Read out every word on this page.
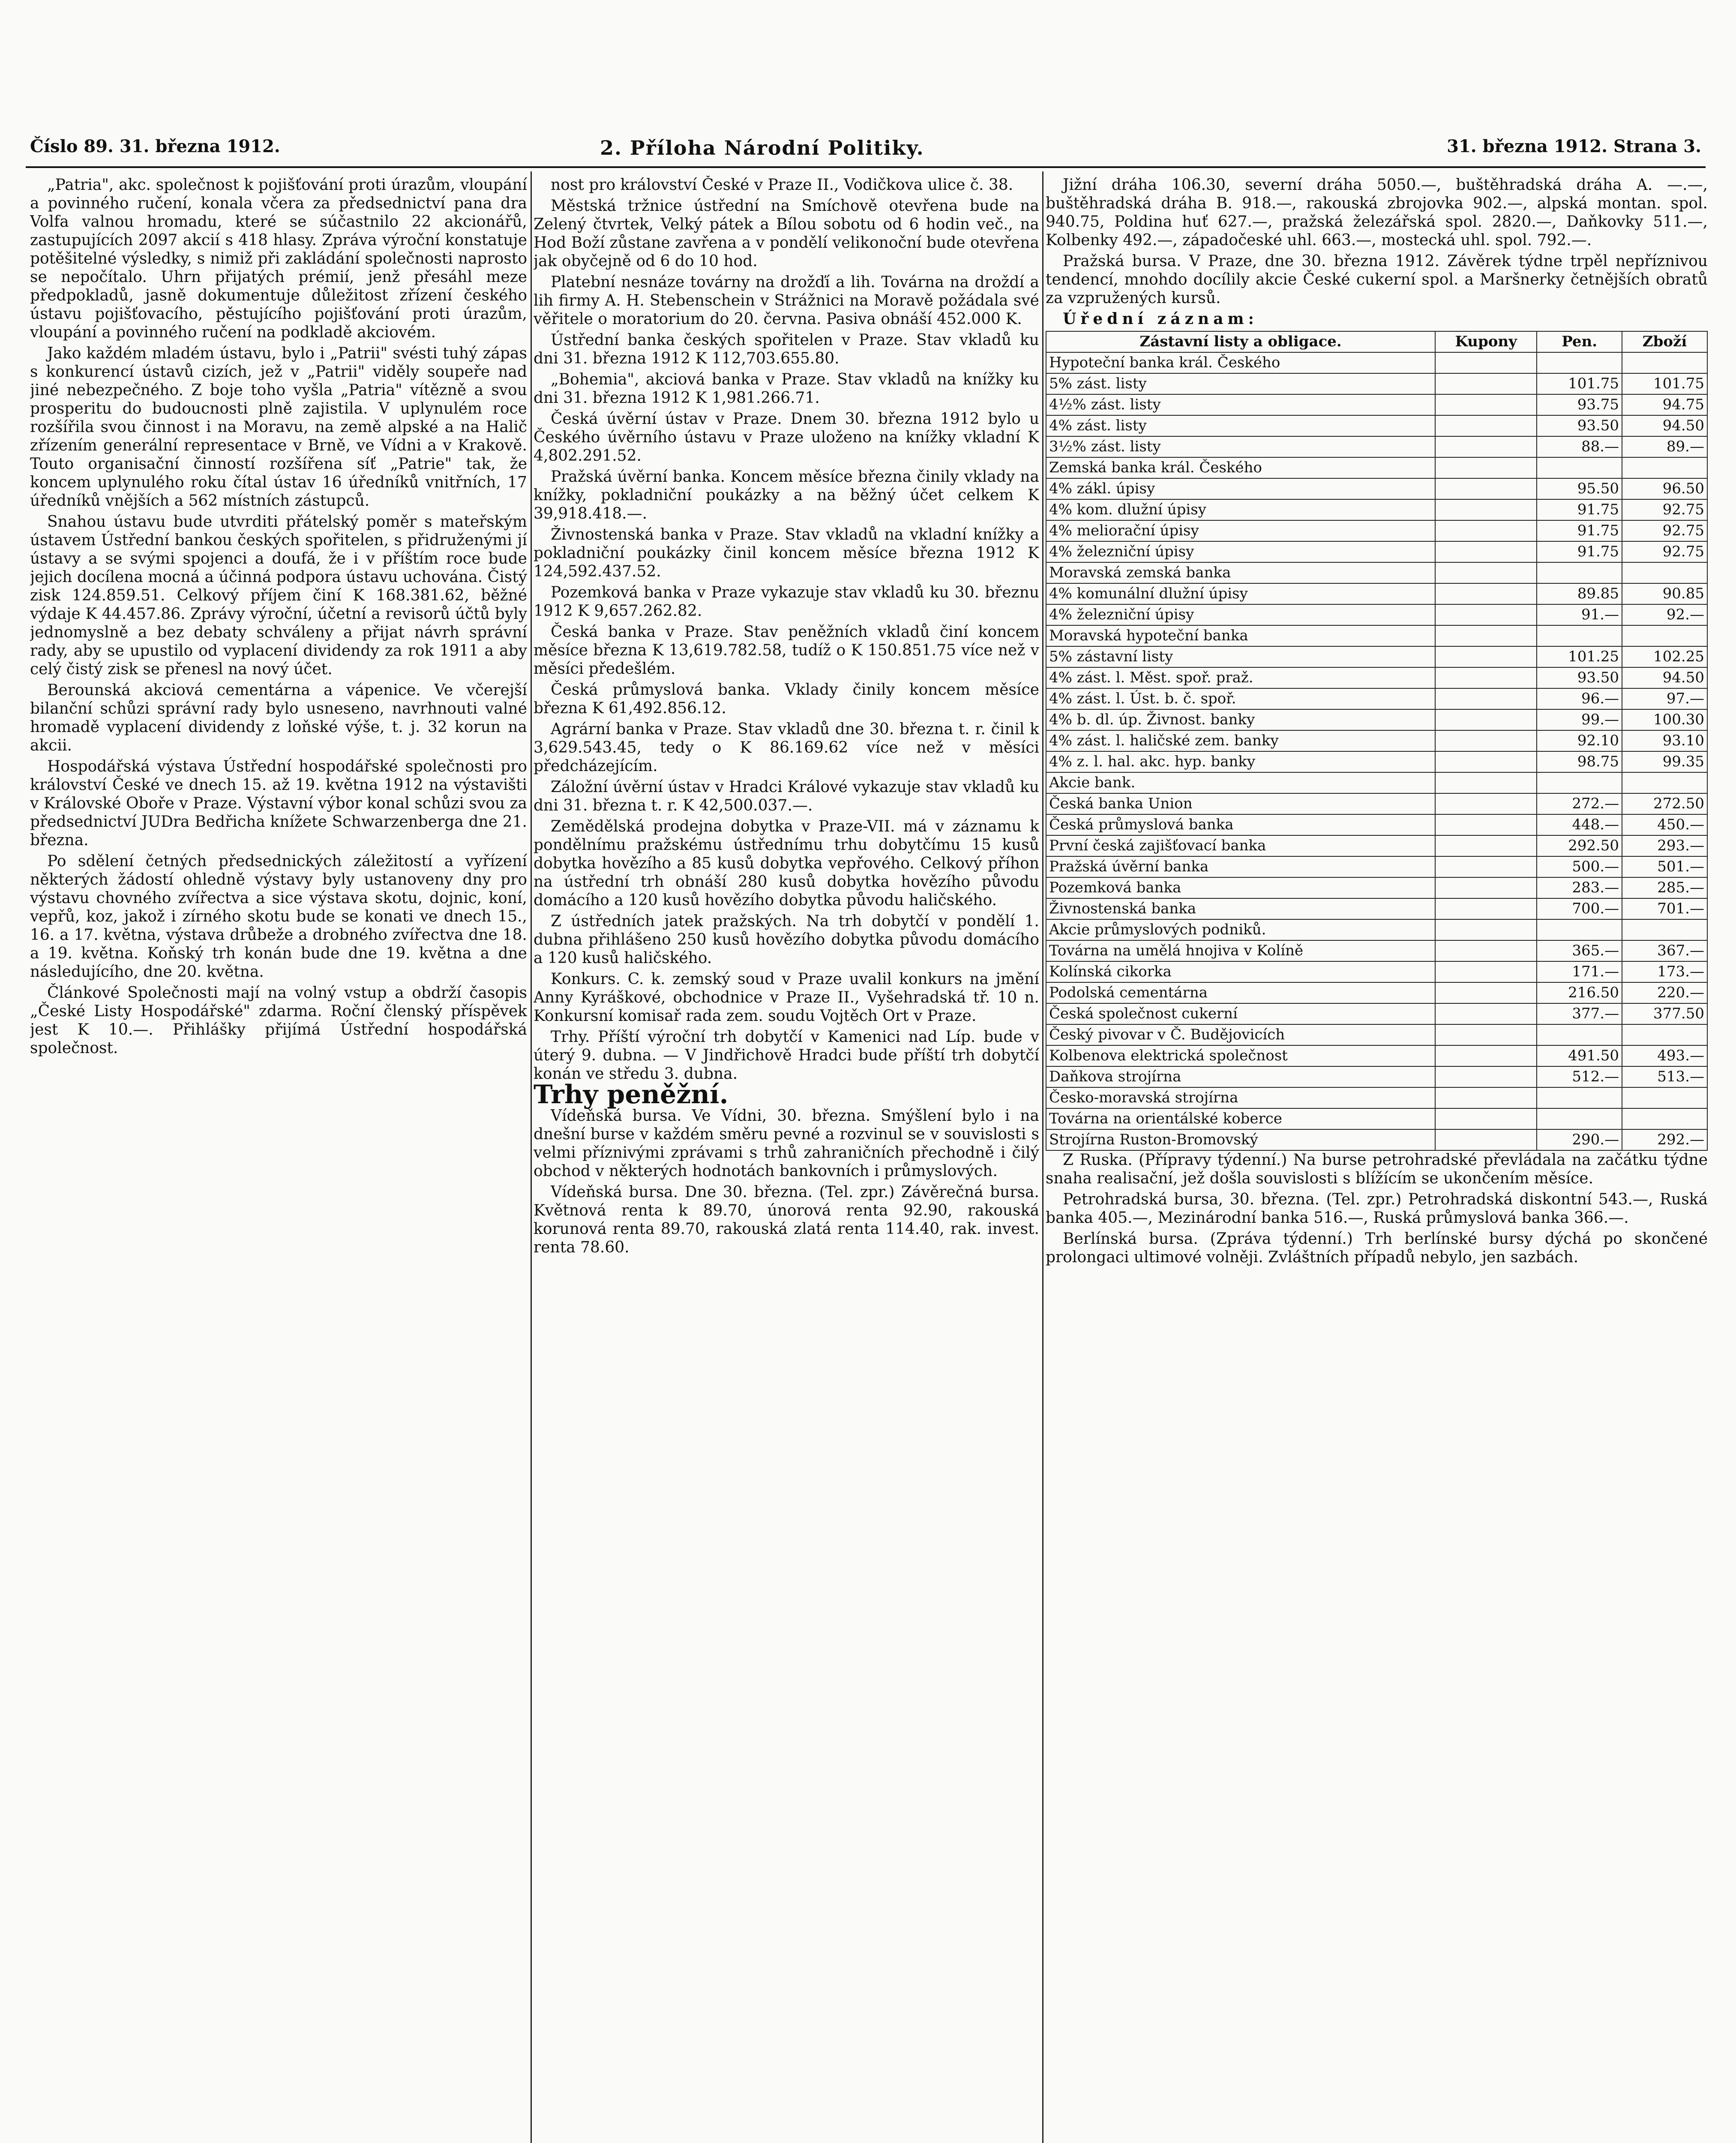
Číslo 89. 31. března 1912.	2. Příloha Národní Politiky.	31. března 1912. Strana 3.

„Patria", akc. společnost k pojišťování proti úrazům, vloupání a povinného ručení, konala včera za předsednictví pana dra Volfa valnou hromadu, které se súčastnilo 22 akcionářů, zastupujících 2097 akcií s 418 hlasy. Zpráva výroční konstatuje potěšitelné výsledky, s nimiž při zakládání společnosti naprosto se nepočítalo. Uhrn přijatých prémií, jenž přesáhl meze předpokladů, jasně dokumentuje důležitost zřízení českého ústavu pojišťovacího, pěstujícího pojišťování proti úrazům, vloupání a povinného ručení na podkladě akciovém.

Jako každém mladém ústavu, bylo i „Patrii" svésti tuhý zápas s konkurencí ústavů cizích, jež v „Patrii" viděly soupeře nad jiné nebezpečného. Z boje toho vyšla „Patria" vítězně a svou prosperitu do budoucnosti plně zajistila. V uplynulém roce rozšířila svou činnost i na Moravu, na země alpské a na Halič zřízením generální representace v Brně, ve Vídni a v Krakově. Touto organisační činností rozšířena síť „Patrie" tak, že koncem uplynulého roku čítal ústav 16 úředníků vnitřních, 17 úředníků vnějších a 562 místních zástupců.

Snahou ústavu bude utvrditi přátelský poměr s mateřským ústavem Ústřední bankou českých spořitelen, s přidruženými jí ústavy a se svými spojenci a doufá, že i v příštím roce bude jejich docílena mocná a účinná podpora ústavu uchována. Čistý zisk 124.859.51. Celkový příjem činí K 168.381.62, běžné výdaje K 44.457.86. Zprávy výroční, účetní a revisorů účtů byly jednomyslně a bez debaty schváleny a přijat návrh správní rady, aby se upustilo od vyplacení dividendy za rok 1911 a aby celý čistý zisk se přenesl na nový účet.

Berounská akciová cementárna a vápenice. Ve včerejší bilanční schůzi správní rady bylo usneseno, navrhnouti valné hromadě vyplacení dividendy z loňské výše, t. j. 32 korun na akcii.

Hospodářská výstava Ústřední hospodářské společnosti pro království České ve dnech 15. až 19. května 1912 na výstavišti v Královské Oboře v Praze. Výstavní výbor konal schůzi svou za předsednictví JUDra Bedřicha knížete Schwarzenberga dne 21. března.

Po sdělení četných předsednických záležitostí a vyřízení některých žádostí ohledně výstavy byly ustanoveny dny pro výstavu chovného zvířectva a sice výstava skotu, dojnic, koní, vepřů, koz, jakož i zírného skotu bude se konati ve dnech 15., 16. a 17. května, výstava drůbeže a drobného zvířectva dne 18. a 19. května. Koňský trh konán bude dne 19. května a dne následujícího, dne 20. května.

Článkové Společnosti mají na volný vstup a obdrží časopis „České Listy Hospodářské" zdarma. Roční členský příspěvek jest K 10.—. Přihlášky přijímá Ústřední hospodářská společnost.

nost pro království České v Praze II., Vodičkova ulice č. 38.

Městská tržnice ústřední na Smíchově otevřena bude na Zelený čtvrtek, Velký pátek a Bílou sobotu od 6 hodin več., na Hod Boží zůstane zavřena a v pondělí velikonoční bude otevřena jak obyčejně od 6 do 10 hod.

Platební nesnáze továrny na drožďí a lih. Továrna na droždí a lih firmy A. H. Stebenschein v Strážnici na Moravě požádala své věřitele o moratorium do 20. června. Pasiva obnáší 452.000 K.

Ústřední banka českých spořitelen v Praze. Stav vkladů ku dni 31. března 1912 K 112,703.655.80.

„Bohemia", akciová banka v Praze. Stav vkladů na knížky ku dni 31. března 1912 K 1,981.266.71.

Česká úvěrní ústav v Praze. Dnem 30. března 1912 bylo u Českého úvěrního ústavu v Praze uloženo na knížky vkladní K 4,802.291.52.

Pražská úvěrní banka. Koncem měsíce března činily vklady na knížky, pokladniční poukázky a na běžný účet celkem K 39,918.418.—.

Živnostenská banka v Praze. Stav vkladů na vkladní knížky a pokladniční poukázky činil koncem měsíce března 1912 K 124,592.437.52.

Pozemková banka v Praze vykazuje stav vkladů ku 30. březnu 1912 K 9,657.262.82.

Česká banka v Praze. Stav peněžních vkladů činí koncem měsíce března K 13,619.782.58, tudíž o K 150.851.75 více než v měsíci předešlém.

Česká průmyslová banka. Vklady činily koncem měsíce března K 61,492.856.12.

Agrární banka v Praze. Stav vkladů dne 30. března t. r. činil k 3,629.543.45, tedy o K 86.169.62 více než v měsíci předcházejícím.

Záložní úvěrní ústav v Hradci Králové vykazuje stav vkladů ku dni 31. března t. r. K 42,500.037.—.

Zemědělská prodejna dobytka v Praze-VII. má v záznamu k pondělnímu pražskému ústřednímu trhu dobytčímu 15 kusů dobytka hovězího a 85 kusů dobytka vepřového. Celkový příhon na ústřední trh obnáší 280 kusů dobytka hovězího původu domácího a 120 kusů hovězího dobytka původu haličského.

Z ústředních jatek pražských. Na trh dobytčí v pondělí 1. dubna přihlášeno 250 kusů hovězího dobytka původu domácího a 120 kusů haličského.

Konkurs. C. k. zemský soud v Praze uvalil konkurs na jmění Anny Kyráškové, obchodnice v Praze II., Vyšehradská tř. 10 n. Konkursní komisař rada zem. soudu Vojtěch Ort v Praze.

Trhy. Příští výroční trh dobytčí v Kamenici nad Líp. bude v úterý 9. dubna. — V Jindřichově Hradci bude příští trh dobytčí konán ve středu 3. dubna.

Trhy peněžní.

Vídeňská bursa. Ve Vídni, 30. března. Smýšlení bylo i na dnešní burse v každém směru pevné a rozvinul se v souvislosti s velmi příznivými zprávami s trhů zahraničních přechodně i čilý obchod v některých hodnotách bankovních i průmyslových.

Vídeňská bursa. Dne 30. března. (Tel. zpr.) Závěrečná bursa. Květnová renta k 89.70, únorová renta 92.90, rakouská korunová renta 89.70, rakouská zlatá renta 114.40, rak. invest. renta 78.60.

Jižní dráha 106.30, severní dráha 5050.—, buštěhradská dráha A. —.—, buštěhradská dráha B. 918.—, rakouská zbrojovka 902.—, alpská montan. spol. 940.75, Poldina huť 627.—, pražská železářská spol. 2820.—, Daňkovky 511.—, Kolbenky 492.—, západočeské uhl. 663.—, mostecká uhl. spol. 792.—.

Pražská bursa. V Praze, dne 30. března 1912. Závěrek týdne trpěl nepříznivou tendencí, mnohdo docílily akcie České cukerní spol. a Maršnerky četnějších obratů za vzpružených kursů.

Úřední záznam:

Zástavní listy a obligace.	Kupony	Pen.	Zboží
Hypoteční banka král. Českého			
5% zást. listy		101.75	101.75
4½% zást. listy		93.75	94.75
4% zást. listy		93.50	94.50
3½% zást. listy		88.—	89.—
Zemská banka král. Českého			
4% zákl. úpisy		95.50	96.50
4% kom. dlužní úpisy		91.75	92.75
4% meliorační úpisy		91.75	92.75
4% železniční úpisy		91.75	92.75
Moravská zemská banka			
4% komunální dlužní úpisy		89.85	90.85
4% železniční úpisy		91.—	92.—
Moravská hypoteční banka			
5% zástavní listy		101.25	102.25
4% zást. l. Měst. spoř. praž.		93.50	94.50
4% zást. l. Úst. b. č. spoř.		96.—	97.—
4% b. dl. úp. Živnost. banky		99.—	100.30
4% zást. l. haličské zem. banky		92.10	93.10
4% z. l. hal. akc. hyp. banky		98.75	99.35
Akcie bank.			
Česká banka Union		272.—	272.50
Česká průmyslová banka		448.—	450.—
První česká zajišťovací banka		292.50	293.—
Pražská úvěrní banka		500.—	501.—
Pozemková banka		283.—	285.—
Živnostenská banka		700.—	701.—
Akcie průmyslových podniků.			
Továrna na umělá hnojiva v Kolíně		365.—	367.—
Kolínská cikorka		171.—	173.—
Podolská cementárna		216.50	220.—
Česká společnost cukerní		377.—	377.50
Český pivovar v Č. Budějovicích			
Kolbenova elektrická společnost		491.50	493.—
Daňkova strojírna		512.—	513.—
Česko-moravská strojírna			
Továrna na orientálské koberce			
Strojírna Ruston-Bromovský		290.—	292.—

Z Ruska. (Přípravy týdenní.) Na burse petrohradské převládala na začátku týdne snaha realisační, jež došla souvislosti s blížícím se ukončením měsíce.

Petrohradská bursa, 30. března. (Tel. zpr.) Petrohradská diskontní 543.—, Ruská banka 405.—, Mezinárodní banka 516.—, Ruská průmyslová banka 366.—.

Berlínská bursa. (Zpráva týdenní.) Trh berlínské bursy dýchá po skončené prolongaci ultimové volněji. Zvláštních případů nebylo, jen sazbách.
